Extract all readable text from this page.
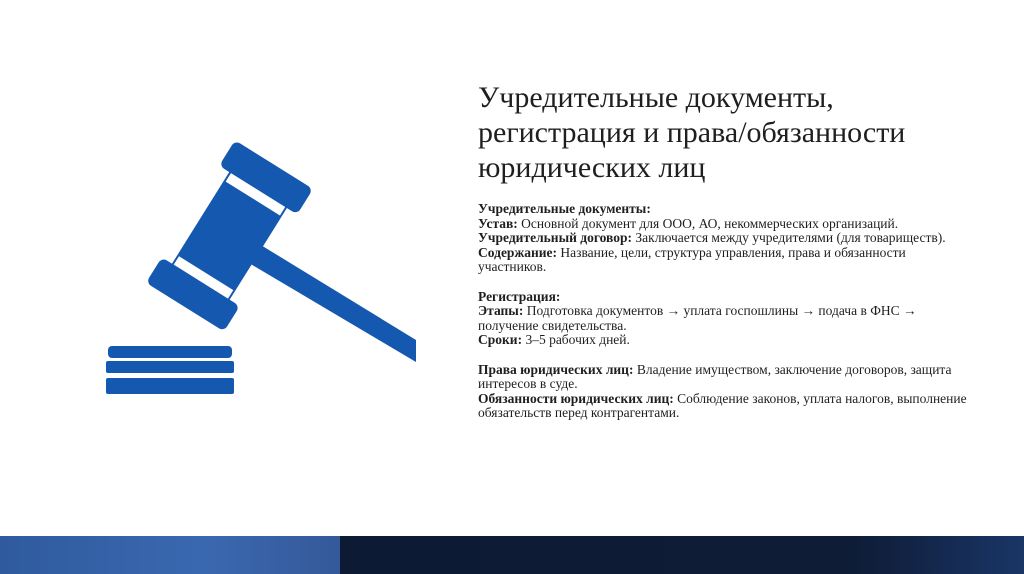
Учредительные документы,
регистрация и права/обязанности
юридических лиц
Учредительные документы:
Устав: Основной документ для ООО, АО, некоммерческих организаций.
Учредительный договор: Заключается между учредителями (для товариществ).
Содержание: Название, цели, структура управления, права и обязанности участников.
Регистрация:
Этапы: Подготовка документов → уплата госпошлины → подача в ФНС → получение свидетельства.
Сроки: 3–5 рабочих дней.
Права юридических лиц: Владение имуществом, заключение договоров, защита интересов в суде.
Обязанности юридических лиц: Соблюдение законов, уплата налогов, выполнение обязательств перед контрагентами.
